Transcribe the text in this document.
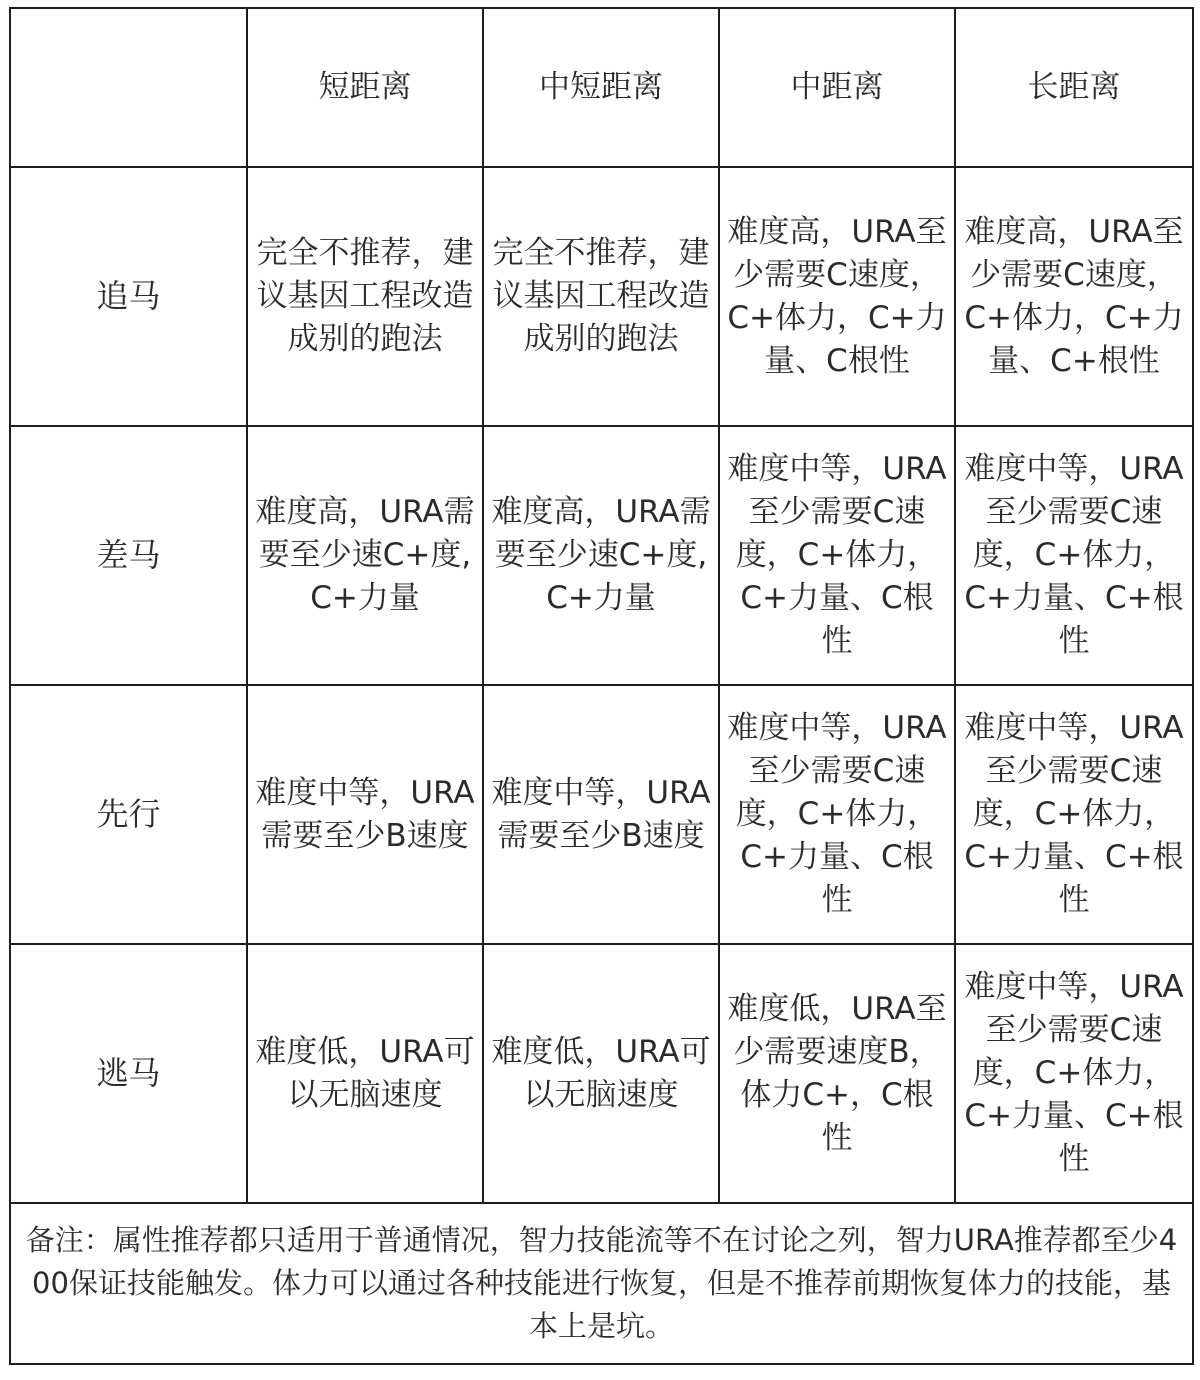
	短距离	中短距离	中距离	长距离
追马	完全不推荐，建议基因工程改造成别的跑法	完全不推荐，建议基因工程改造成别的跑法	难度高，URA至少需要C速度，C+体力，C+力量、C根性	难度高，URA至少需要C速度，C+体力，C+力量、C+根性
差马	难度高，URA需要至少速C+度,C+力量	难度高，URA需要至少速C+度,C+力量	难度中等，URA至少需要C速度，C+体力，C+力量、C根性	难度中等，URA至少需要C速度，C+体力，C+力量、C+根性
先行	难度中等，URA需要至少B速度	难度中等，URA需要至少B速度	难度中等，URA至少需要C速度，C+体力，C+力量、C根性	难度中等，URA至少需要C速度，C+体力，C+力量、C+根性
逃马	难度低，URA可以无脑速度	难度低，URA可以无脑速度	难度低，URA至少需要速度B，体力C+，C根性	难度中等，URA至少需要C速度，C+体力，C+力量、C+根性
备注：属性推荐都只适用于普通情况，智力技能流等不在讨论之列，智力URA推荐都至少400保证技能触发。体力可以通过各种技能进行恢复，但是不推荐前期恢复体力的技能，基本上是坑。				
